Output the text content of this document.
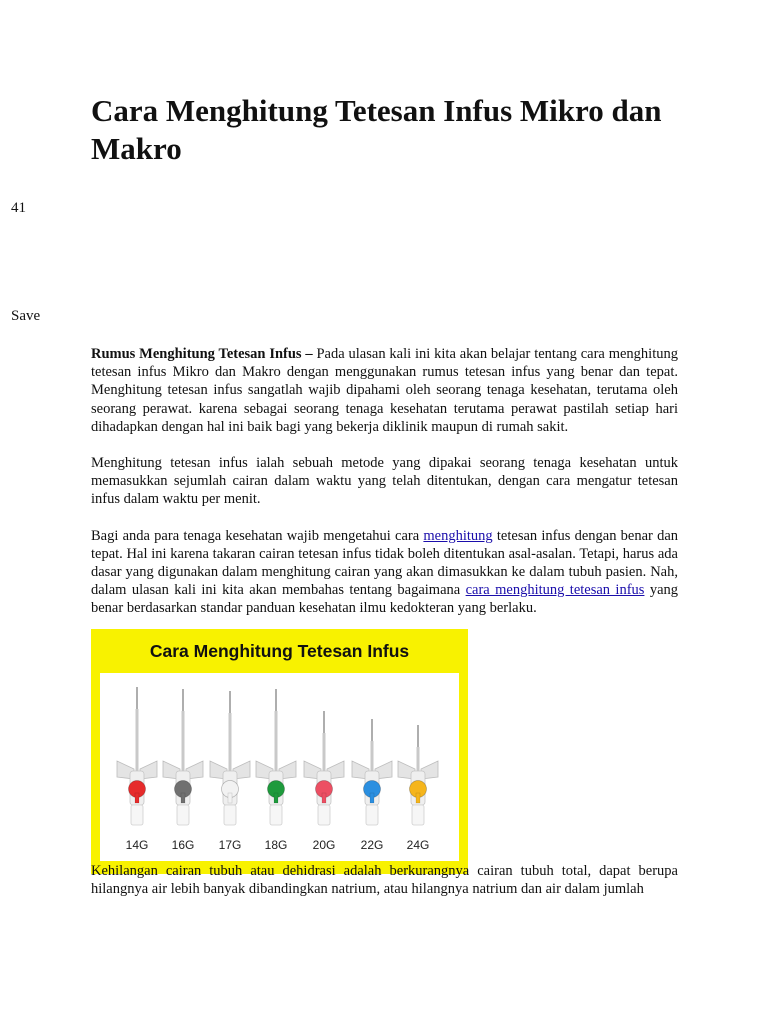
Cara Menghitung Tetesan Infus Mikro dan Makro
41
Save

Rumus Menghitung Tetesan Infus – Pada ulasan kali ini kita akan belajar tentang cara menghitung tetesan infus Mikro dan Makro dengan menggunakan rumus tetesan infus yang benar dan tepat. Menghitung tetesan infus sangatlah wajib dipahami oleh seorang tenaga kesehatan, terutama oleh seorang perawat. karena sebagai seorang tenaga kesehatan terutama perawat pastilah setiap hari dihadapkan dengan hal ini baik bagi yang bekerja diklinik maupun di rumah sakit.

Menghitung tetesan infus ialah sebuah metode yang dipakai seorang tenaga kesehatan untuk memasukkan sejumlah cairan dalam waktu yang telah ditentukan, dengan cara mengatur tetesan infus dalam waktu per menit.

Bagi anda para tenaga kesehatan wajib mengetahui cara menghitung tetesan infus dengan benar dan tepat. Hal ini karena takaran cairan tetesan infus tidak boleh ditentukan asal-asalan. Tetapi, harus ada dasar yang digunakan dalam menghitung cairan yang akan dimasukkan ke dalam tubuh pasien. Nah, dalam ulasan kali ini kita akan membahas tentang bagaimana cara menghitung tetesan infus yang benar berdasarkan standar panduan kesehatan ilmu kedokteran yang berlaku.

Cara Menghitung Tetesan Infus
14G 16G 17G 18G 20G 22G 24G

Kehilangan cairan tubuh atau dehidrasi adalah berkurangnya cairan tubuh total, dapat berupa hilangnya air lebih banyak dibandingkan natrium, atau hilangnya natrium dan air dalam jumlah
